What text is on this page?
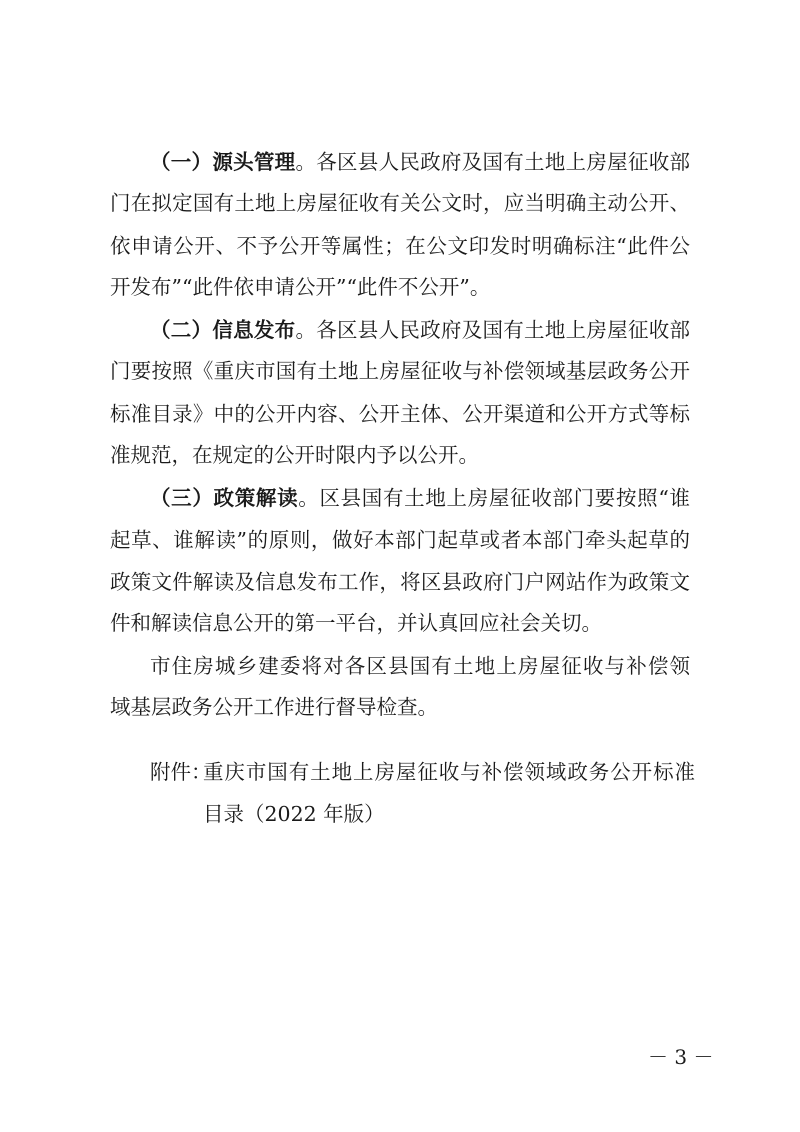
（一）源头管理。各区县人民政府及国有土地上房屋征收部
门在拟定国有土地上房屋征收有关公文时，应当明确主动公开、
依申请公开、不予公开等属性；在公文印发时明确标注“此件公
开发布”“此件依申请公开”“此件不公开”。
（二）信息发布。各区县人民政府及国有土地上房屋征收部
门要按照《重庆市国有土地上房屋征收与补偿领域基层政务公开
标准目录》中的公开内容、公开主体、公开渠道和公开方式等标
准规范，在规定的公开时限内予以公开。
（三）政策解读。区县国有土地上房屋征收部门要按照“谁
起草、谁解读”的原则，做好本部门起草或者本部门牵头起草的
政策文件解读及信息发布工作，将区县政府门户网站作为政策文
件和解读信息公开的第一平台，并认真回应社会关切。
市住房城乡建委将对各区县国有土地上房屋征收与补偿领
域基层政务公开工作进行督导检查。
附件：
重庆市国有土地上房屋征收与补偿领域政务公开标准
目录（2022 年版）
－ 3 －
